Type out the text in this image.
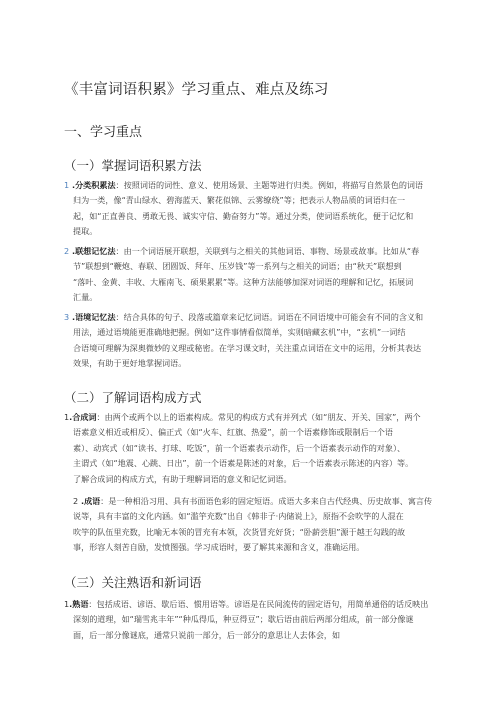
《丰富词语积累》学习重点、难点及练习
一、学习重点
（一）掌握词语积累方法
1 .分类积累法：按照词语的词性、意义、使用场景、主题等进行归类。例如，将描写自然景色的词语
归为一类，像“青山绿水、碧海蓝天、繁花似锦、云雾缭绕”等；把表示人物品质的词语归在一
起，如“正直善良、勇敢无畏、诚实守信、勤奋努力”等。通过分类，使词语系统化，便于记忆和
提取。
2 .联想记忆法：由一个词语展开联想，关联到与之相关的其他词语、事物、场景或故事。比如从“春
节”联想到“鞭炮、春联、团圆饭、拜年、压岁钱”等一系列与之相关的词语；由“秋天”联想到
“落叶、金黄、丰收、大雁南飞、硕果累累”等。这种方法能够加深对词语的理解和记忆，拓展词
汇量。
3 .语境记忆法：结合具体的句子、段落或篇章来记忆词语。词语在不同语境中可能会有不同的含义和
用法，通过语境能更准确地把握。例如“这件事情看似简单，实则暗藏玄机”中，“玄机”一词结
合语境可理解为深奥微妙的义理或秘密。在学习课文时，关注重点词语在文中的运用，分析其表达
效果，有助于更好地掌握词语。
（二）了解词语构成方式
1.合成词：由两个或两个以上的语素构成。常见的构成方式有并列式（如“朋友、开关、国家”，两个
语素意义相近或相反）、偏正式（如“火车、红旗、热爱”，前一个语素修饰或限制后一个语
素）、动宾式（如“读书、打球、吃饭”，前一个语素表示动作，后一个语素表示动作的对象）、
主谓式（如“地震、心跳、日出”，前一个语素是陈述的对象，后一个语素表示陈述的内容）等。
了解合成词的构成方式，有助于理解词语的意义和记忆词语。
2 .成语：是一种相沿习用、具有书面语色彩的固定短语。成语大多来自古代经典、历史故事、寓言传
说等，具有丰富的文化内涵。如“滥竽充数”出自《韩非子·内储说上》，原指不会吹竽的人混在
吹竽的队伍里充数，比喻无本领的冒充有本领，次货冒充好货；“卧薪尝胆”源于越王勾践的故
事，形容人刻苦自励，发愤图强。学习成语时，要了解其来源和含义，准确运用。
（三）关注熟语和新词语
1.熟语：包括成语、谚语、歇后语、惯用语等。谚语是在民间流传的固定语句，用简单通俗的话反映出
深刻的道理，如“瑞雪兆丰年”“种瓜得瓜，种豆得豆”；歇后语由前后两部分组成，前一部分像谜
面，后一部分像谜底，通常只说前一部分，后一部分的意思让人去体会，如
